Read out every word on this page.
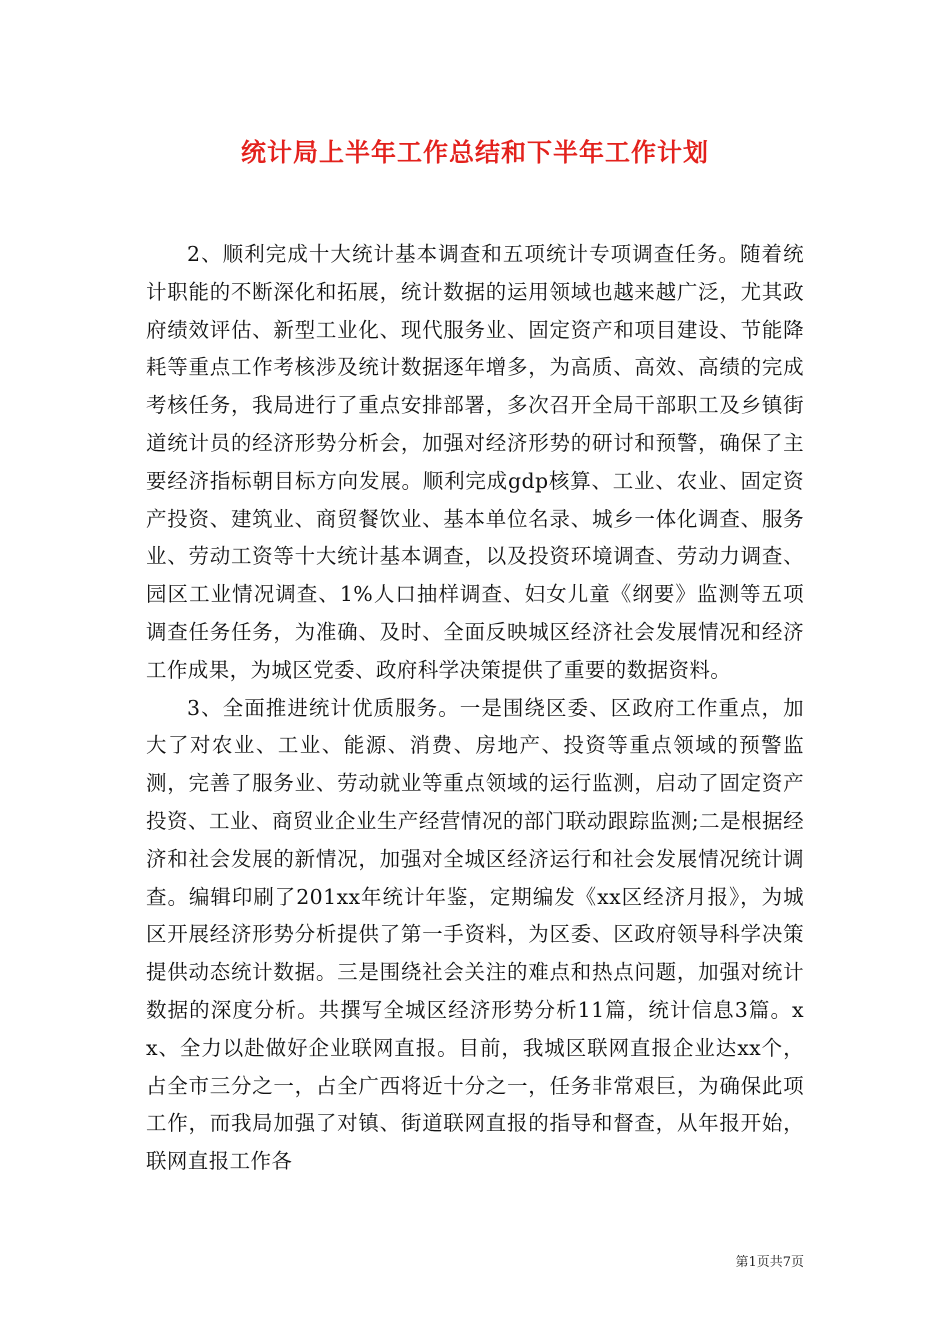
统计局上半年工作总结和下半年工作计划

2、顺利完成十大统计基本调查和五项统计专项调查任务。随着统计职能的不断深化和拓展，统计数据的运用领域也越来越广泛，尤其政府绩效评估、新型工业化、现代服务业、固定资产和项目建设、节能降耗等重点工作考核涉及统计数据逐年增多，为高质、高效、高绩的完成考核任务，我局进行了重点安排部署，多次召开全局干部职工及乡镇街道统计员的经济形势分析会，加强对经济形势的研讨和预警，确保了主要经济指标朝目标方向发展。顺利完成gdp核算、工业、农业、固定资产投资、建筑业、商贸餐饮业、基本单位名录、城乡一体化调查、服务业、劳动工资等十大统计基本调查，以及投资环境调查、劳动力调查、园区工业情况调查、1%人口抽样调查、妇女儿童《纲要》监测等五项调查任务任务，为准确、及时、全面反映城区经济社会发展情况和经济工作成果，为城区党委、政府科学决策提供了重要的数据资料。

3、全面推进统计优质服务。一是围绕区委、区政府工作重点，加大了对农业、工业、能源、消费、房地产、投资等重点领域的预警监测，完善了服务业、劳动就业等重点领域的运行监测，启动了固定资产投资、工业、商贸业企业生产经营情况的部门联动跟踪监测;二是根据经济和社会发展的新情况，加强对全城区经济运行和社会发展情况统计调查。编辑印刷了201xx年统计年鉴，定期编发《xx区经济月报》，为城区开展经济形势分析提供了第一手资料，为区委、区政府领导科学决策提供动态统计数据。三是围绕社会关注的难点和热点问题，加强对统计数据的深度分析。共撰写全城区经济形势分析11篇，统计信息3篇。xx、全力以赴做好企业联网直报。目前，我城区联网直报企业达xx个，占全市三分之一，占全广西将近十分之一，任务非常艰巨，为确保此项工作，而我局加强了对镇、街道联网直报的指导和督查，从年报开始，联网直报工作各

第1页共7页
